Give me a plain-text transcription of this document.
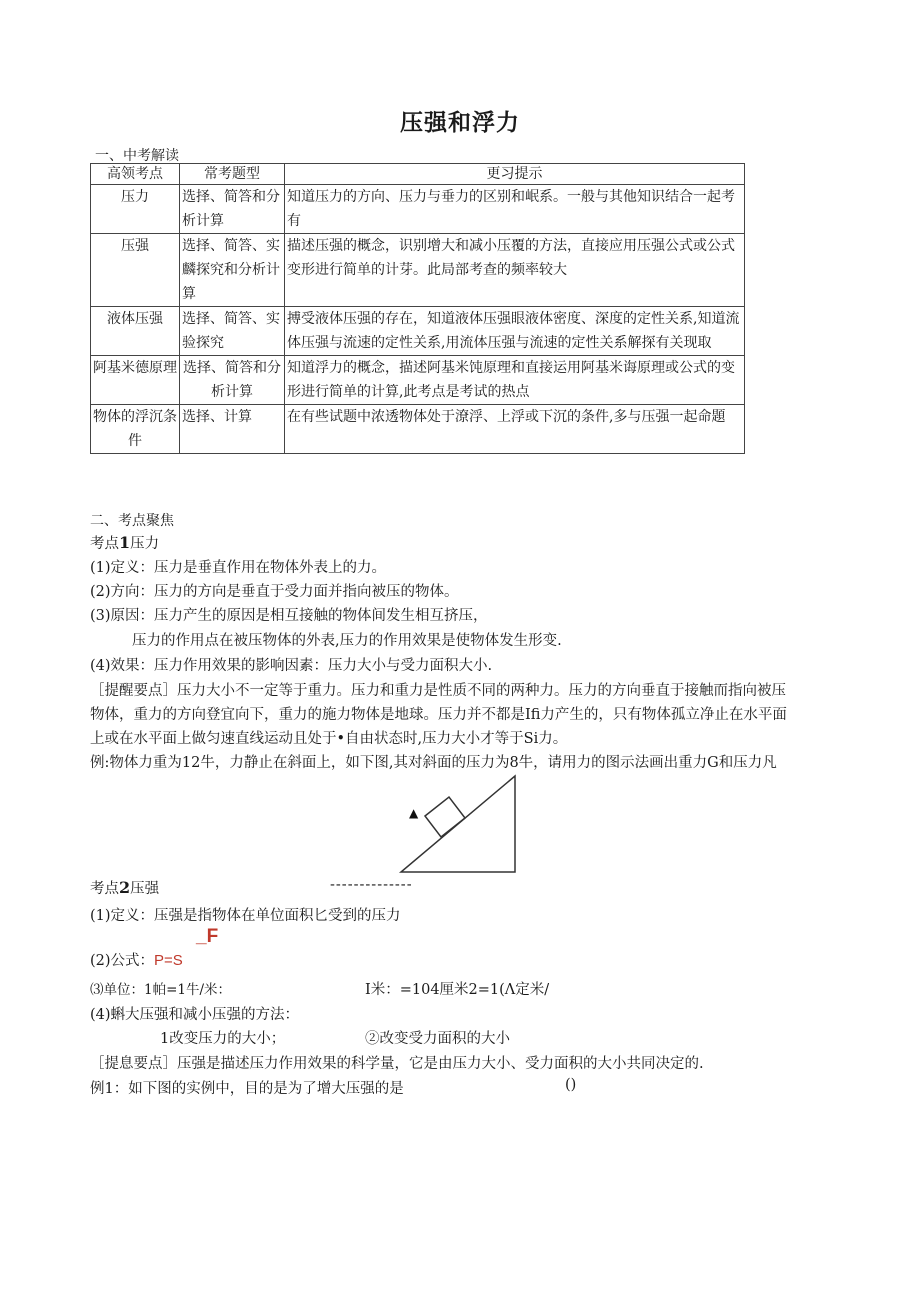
压强和浮力
一、中考解读
高领考点	常考题型	更习提示
压力	选择、简答和分析计算	知道压力的方向、压力与垂力的区别和岷系。一般与其他知识结合一起考有
压强	选择、简答、实麟探究和分析计算	描述压强的概念，识别增大和减小压覆的方法，直接应用压强公式或公式变形进行简单的计芽。此局部考查的频率较大
液体压强	选择、简答、实验探究	搏受液体压强的存在，知道液体压强眼液体密度、深度的定性关系,知道流体压强与流速的定性关系,用流体压强与流速的定性关系解探有关现取
阿基米德原理	选择、简答和分析计算	知道浮力的概念，描述阿基米饨原理和直接运用阿基米诲原理或公式的变形进行简单的计算,此考点是考试的热点
物体的浮沉条件	选择、计算	在有些试题中浓透物体处于潦浮、上浮或下沉的条件,多与压强一起命題
二、考点聚焦
考点1压力
(1)定义：压力是垂直作用在物体外表上的力。
(2)方向：压力的方向是垂直于受力面并指向被压的物体。
(3)原因：压力产生的原因是相互接触的物体间发生相互挤压，
压力的作用点在被压物体的外表,压力的作用效果是使物体发生形变.
(4)效果：压力作用效果的影响因素：压力大小与受力面积大小.
［提醒要点］压力大小不一定等于重力。压力和重力是性质不同的两种力。压力的方向垂直于接触而指向被压
物体，重力的方向登宜向下，重力的施力物体是地球。压力并不都是Ifi力产生的，只有物体孤立净止在水平面
上或在水平面上做匀速直线运动且处于•自由状态时,压力大小才等于Si力。
例:物体力重为12牛，力静止在斜面上，如下图,其对斜面的压力为8牛，请用力的图示法画出重力G和压力凡
▲
考点2压强	--------------
(1)定义：压强是指物体在单位面积匕受到的压力
_F
(2)公式：P=S
⑶单位：1帕=1牛/米：	I米：=104厘米2=1(Λ定米/
(4)蝌大压强和减小压强的方法：
1改变压力的大小；	②改变受力面积的大小
［提息要点］压强是描述压力作用效果的科学量，它是由压力大小、受力面积的大小共同决定的.
例1：如下图的实例中，目的是为了增大压强的是	()
